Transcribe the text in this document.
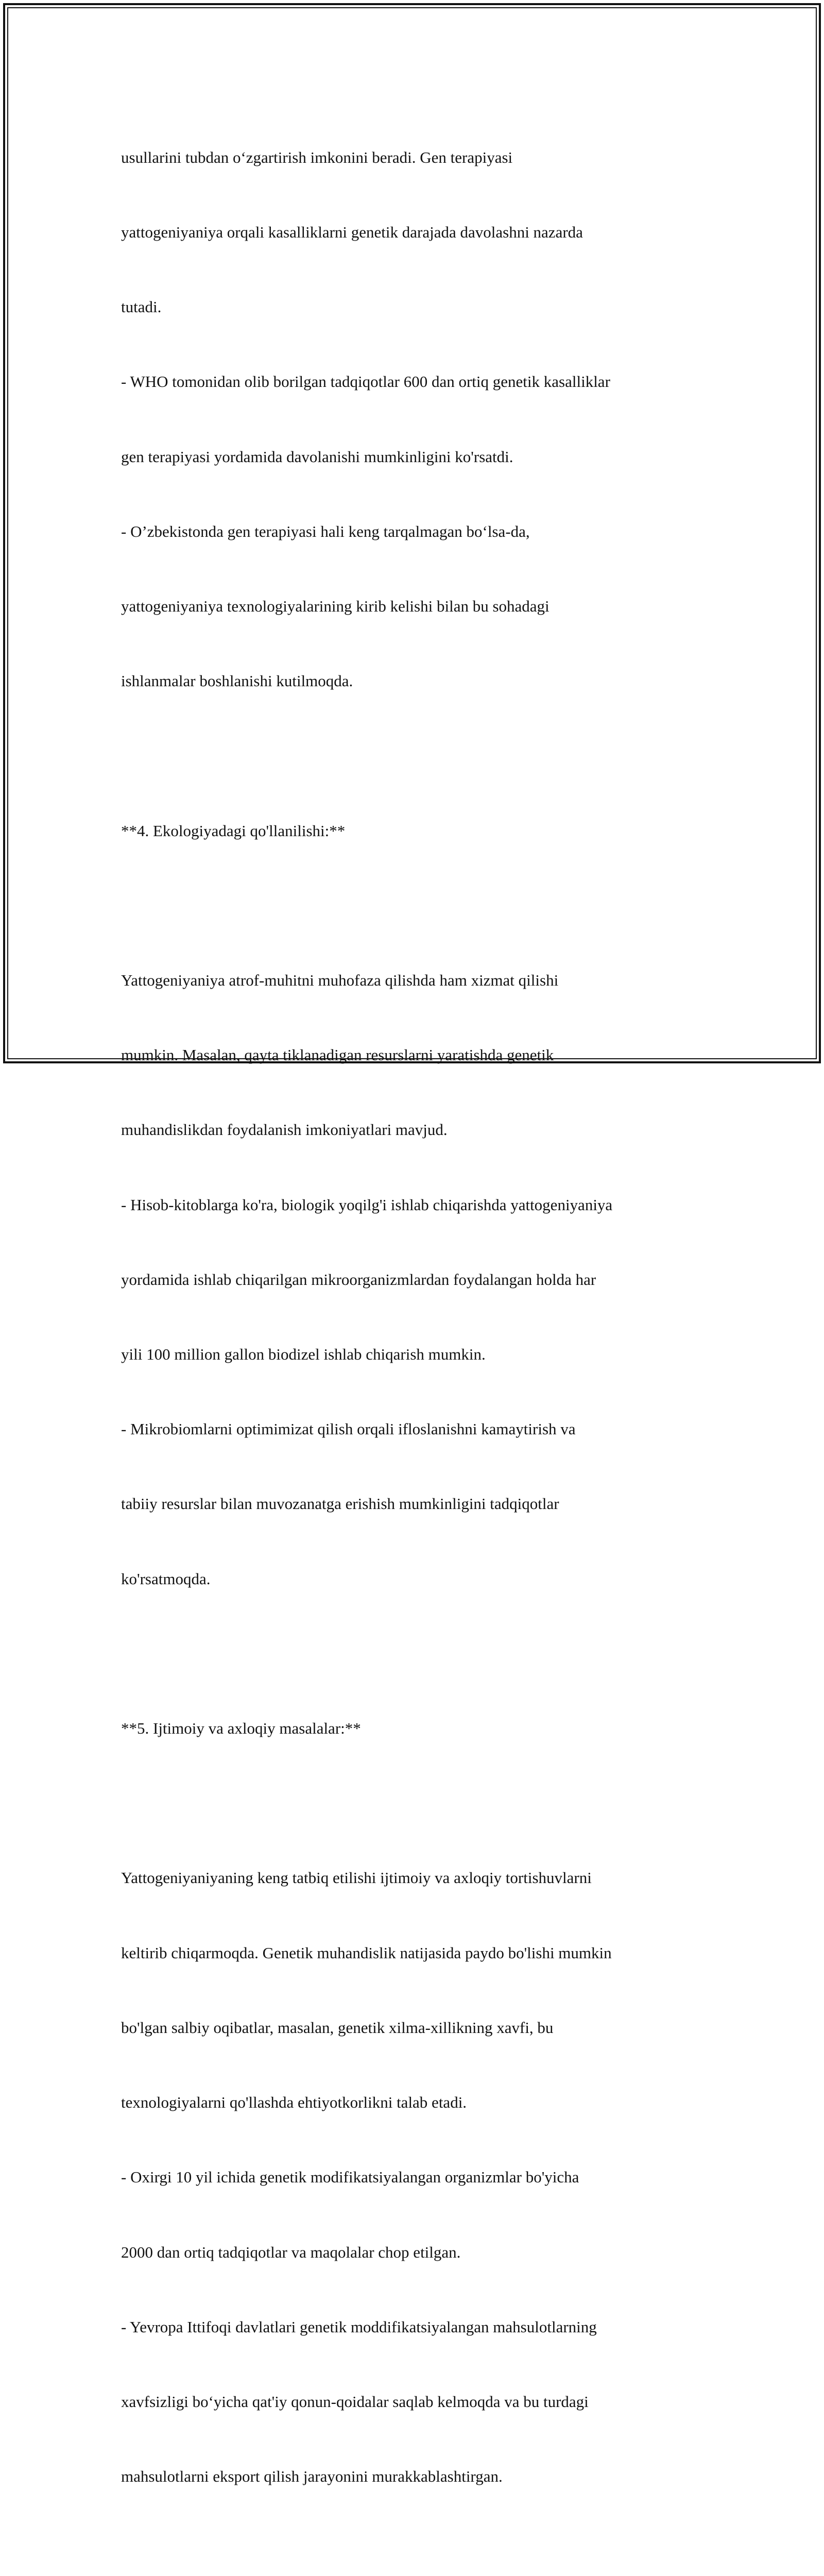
usullarini tubdan o‘zgartirish imkonini beradi. Gen terapiyasi

yattogeniyaniya orqali kasalliklarni genetik darajada davolashni nazarda

tutadi.

- WHO tomonidan olib borilgan tadqiqotlar 600 dan ortiq genetik kasalliklar

gen terapiyasi yordamida davolanishi mumkinligini ko'rsatdi.

- O’zbekistonda gen terapiyasi hali keng tarqalmagan bo‘lsa-da,

yattogeniyaniya texnologiyalarining kirib kelishi bilan bu sohadagi

ishlanmalar boshlanishi kutilmoqda.

**4. Ekologiyadagi qo'llanilishi:**

Yattogeniyaniya atrof-muhitni muhofaza qilishda ham xizmat qilishi

mumkin. Masalan, qayta tiklanadigan resurslarni yaratishda genetik

muhandislikdan foydalanish imkoniyatlari mavjud.

- Hisob-kitoblarga ko'ra, biologik yoqilg'i ishlab chiqarishda yattogeniyaniya

yordamida ishlab chiqarilgan mikroorganizmlardan foydalangan holda har

yili 100 million gallon biodizel ishlab chiqarish mumkin.

- Mikrobiomlarni optimimizat qilish orqali ifloslanishni kamaytirish va

tabiiy resurslar bilan muvozanatga erishish mumkinligini tadqiqotlar

ko'rsatmoqda.

**5. Ijtimoiy va axloqiy masalalar:**

Yattogeniyaniyaning keng tatbiq etilishi ijtimoiy va axloqiy tortishuvlarni

keltirib chiqarmoqda. Genetik muhandislik natijasida paydo bo'lishi mumkin

bo'lgan salbiy oqibatlar, masalan, genetik xilma-xillikning xavfi, bu

texnologiyalarni qo'llashda ehtiyotkorlikni talab etadi.

- Oxirgi 10 yil ichida genetik modifikatsiyalangan organizmlar bo'yicha

2000 dan ortiq tadqiqotlar va maqolalar chop etilgan.

- Yevropa Ittifoqi davlatlari genetik moddifikatsiyalangan mahsulotlarning

xavfsizligi bo‘yicha qat'iy qonun-qoidalar saqlab kelmoqda va bu turdagi

mahsulotlarni eksport qilish jarayonini murakkablashtirgan.
